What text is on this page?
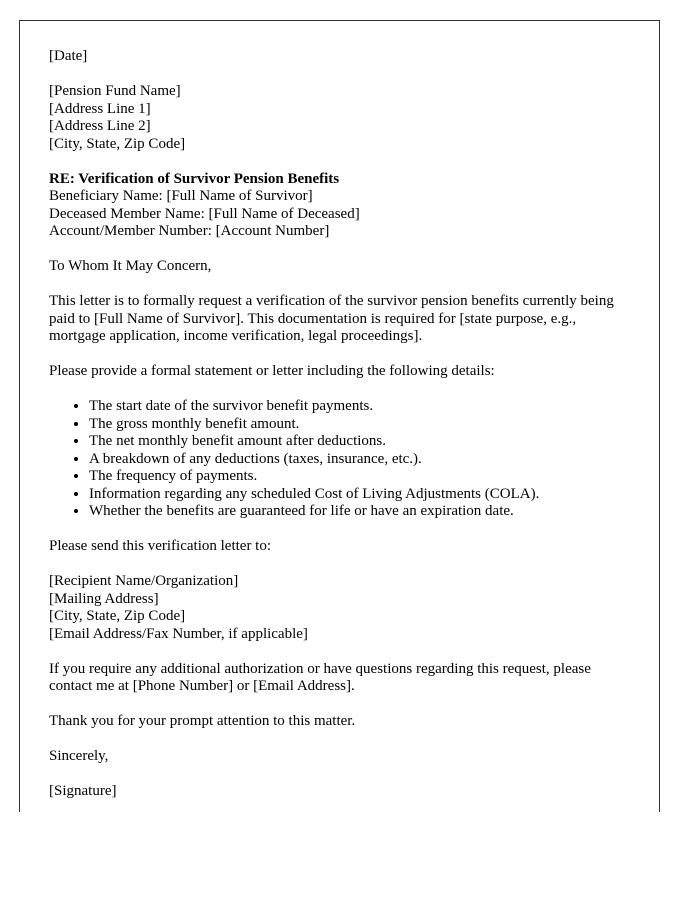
[Date]

[Pension Fund Name]
[Address Line 1]
[Address Line 2]
[City, State, Zip Code]

RE: Verification of Survivor Pension Benefits
Beneficiary Name: [Full Name of Survivor]
Deceased Member Name: [Full Name of Deceased]
Account/Member Number: [Account Number]

To Whom It May Concern,

This letter is to formally request a verification of the survivor pension benefits currently being paid to [Full Name of Survivor]. This documentation is required for [state purpose, e.g., mortgage application, income verification, legal proceedings].

Please provide a formal statement or letter including the following details:

• The start date of the survivor benefit payments.
• The gross monthly benefit amount.
• The net monthly benefit amount after deductions.
• A breakdown of any deductions (taxes, insurance, etc.).
• The frequency of payments.
• Information regarding any scheduled Cost of Living Adjustments (COLA).
• Whether the benefits are guaranteed for life or have an expiration date.

Please send this verification letter to:

[Recipient Name/Organization]
[Mailing Address]
[City, State, Zip Code]
[Email Address/Fax Number, if applicable]

If you require any additional authorization or have questions regarding this request, please contact me at [Phone Number] or [Email Address].

Thank you for your prompt attention to this matter.

Sincerely,

[Signature]
